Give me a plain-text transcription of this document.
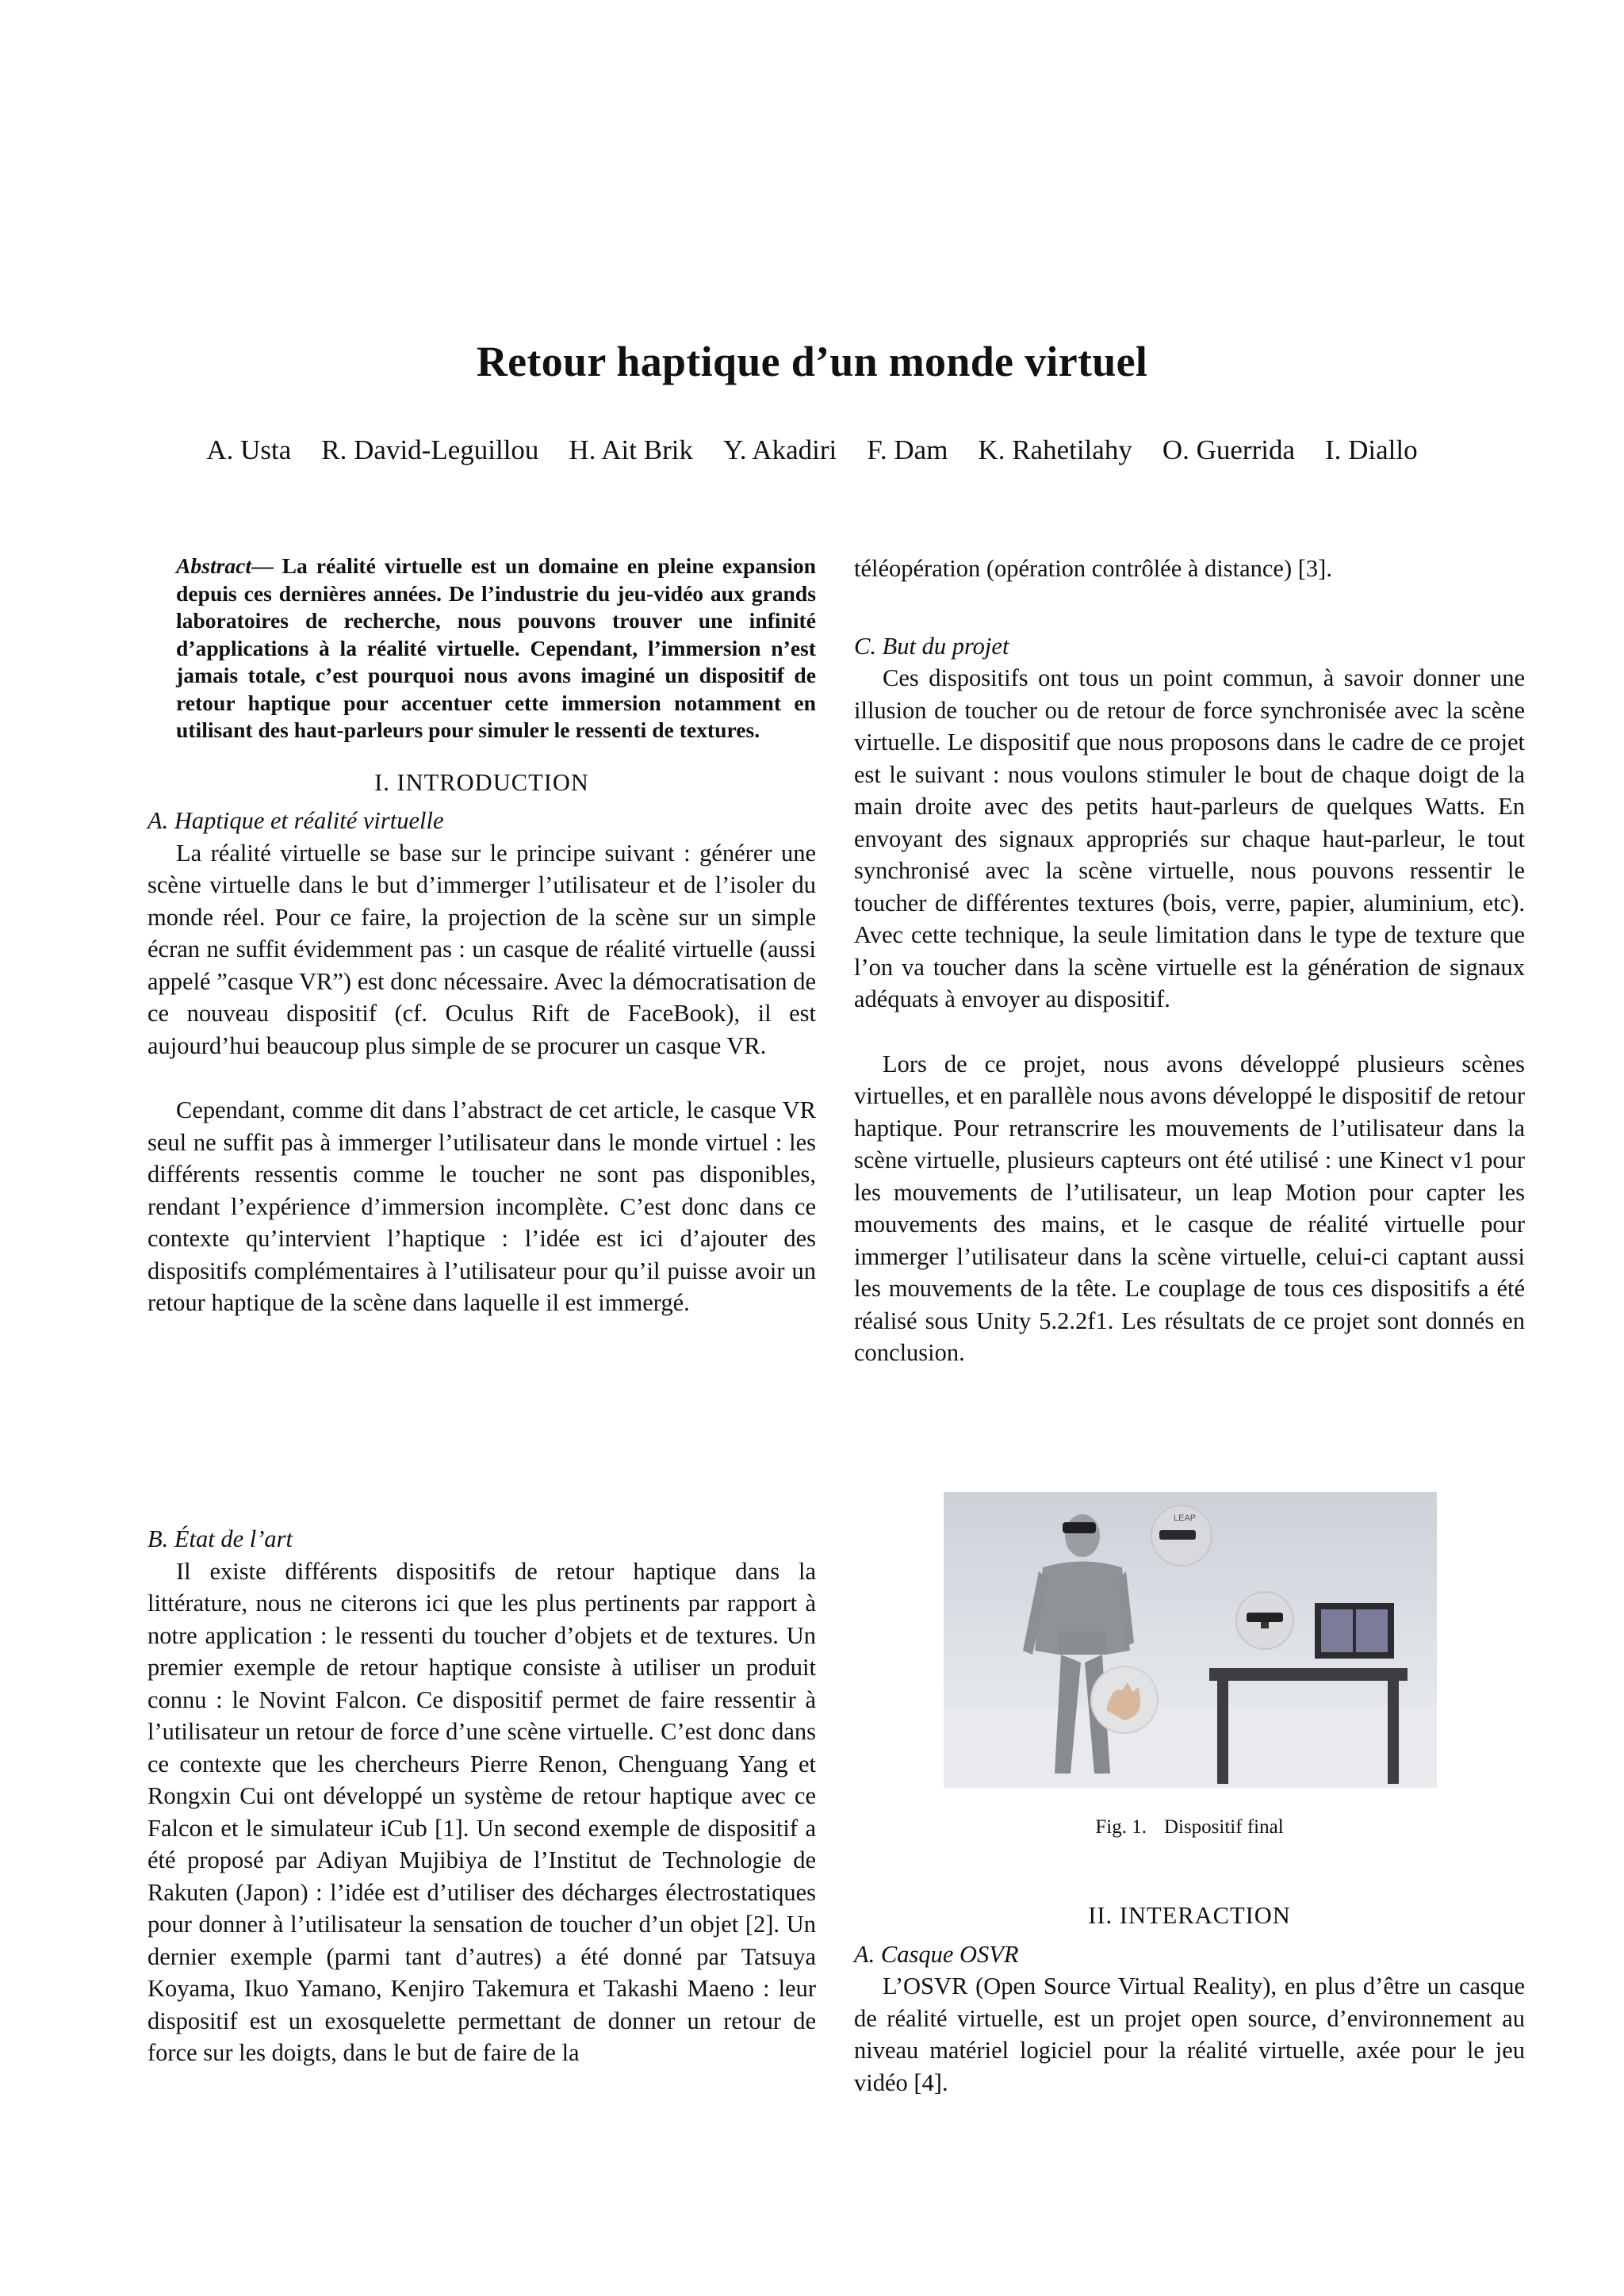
Retour haptique d’un monde virtuel
A. Usta R. David-Leguillou H. Ait Brik Y. Akadiri F. Dam K. Rahetilahy O. Guerrida I. Diallo

Abstract— La réalité virtuelle est un domaine en pleine expansion depuis ces dernières années. De l’industrie du jeu-vidéo aux grands laboratoires de recherche, nous pouvons trouver une infinité d’applications à la réalité virtuelle. Cependant, l’immersion n’est jamais totale, c’est pourquoi nous avons imaginé un dispositif de retour haptique pour accentuer cette immersion notamment en utilisant des haut-parleurs pour simuler le ressenti de textures.

I. INTRODUCTION

A. Haptique et réalité virtuelle

La réalité virtuelle se base sur le principe suivant : générer une scène virtuelle dans le but d’immerger l’utilisateur et de l’isoler du monde réel. Pour ce faire, la projection de la scène sur un simple écran ne suffit évidemment pas : un casque de réalité virtuelle (aussi appelé ”casque VR”) est donc nécessaire. Avec la démocratisation de ce nouveau dispositif (cf. Oculus Rift de FaceBook), il est aujourd’hui beaucoup plus simple de se procurer un casque VR.

Cependant, comme dit dans l’abstract de cet article, le casque VR seul ne suffit pas à immerger l’utilisateur dans le monde virtuel : les différents ressentis comme le toucher ne sont pas disponibles, rendant l’expérience d’immersion incomplète. C’est donc dans ce contexte qu’intervient l’haptique : l’idée est ici d’ajouter des dispositifs complémentaires à l’utilisateur pour qu’il puisse avoir un retour haptique de la scène dans laquelle il est immergé.

B. État de l’art

Il existe différents dispositifs de retour haptique dans la littérature, nous ne citerons ici que les plus pertinents par rapport à notre application : le ressenti du toucher d’objets et de textures. Un premier exemple de retour haptique consiste à utiliser un produit connu : le Novint Falcon. Ce dispositif permet de faire ressentir à l’utilisateur un retour de force d’une scène virtuelle. C’est donc dans ce contexte que les chercheurs Pierre Renon, Chenguang Yang et Rongxin Cui ont développé un système de retour haptique avec ce Falcon et le simulateur iCub [1]. Un second exemple de dispositif a été proposé par Adiyan Mujibiya de l’Institut de Technologie de Rakuten (Japon) : l’idée est d’utiliser des décharges électrostatiques pour donner à l’utilisateur la sensation de toucher d’un objet [2]. Un dernier exemple (parmi tant d’autres) a été donné par Tatsuya Koyama, Ikuo Yamano, Kenjiro Takemura et Takashi Maeno : leur dispositif est un exosquelette permettant de donner un retour de force sur les doigts, dans le but de faire de la

téléopération (opération contrôlée à distance) [3].

C. But du projet

Ces dispositifs ont tous un point commun, à savoir donner une illusion de toucher ou de retour de force synchronisée avec la scène virtuelle. Le dispositif que nous proposons dans le cadre de ce projet est le suivant : nous voulons stimuler le bout de chaque doigt de la main droite avec des petits haut-parleurs de quelques Watts. En envoyant des signaux appropriés sur chaque haut-parleur, le tout synchronisé avec la scène virtuelle, nous pouvons ressentir le toucher de différentes textures (bois, verre, papier, aluminium, etc). Avec cette technique, la seule limitation dans le type de texture que l’on va toucher dans la scène virtuelle est la génération de signaux adéquats à envoyer au dispositif.

Lors de ce projet, nous avons développé plusieurs scènes virtuelles, et en parallèle nous avons développé le dispositif de retour haptique. Pour retranscrire les mouvements de l’utilisateur dans la scène virtuelle, plusieurs capteurs ont été utilisé : une Kinect v1 pour les mouvements de l’utilisateur, un leap Motion pour capter les mouvements des mains, et le casque de réalité virtuelle pour immerger l’utilisateur dans la scène virtuelle, celui-ci captant aussi les mouvements de la tête. Le couplage de tous ces dispositifs a été réalisé sous Unity 5.2.2f1. Les résultats de ce projet sont donnés en conclusion.

LEAP
Fig. 1. Dispositif final
II. INTERACTION

A. Casque OSVR

L’OSVR (Open Source Virtual Reality), en plus d’être un casque de réalité virtuelle, est un projet open source, d’environnement au niveau matériel logiciel pour la réalité virtuelle, axée pour le jeu vidéo [4].
